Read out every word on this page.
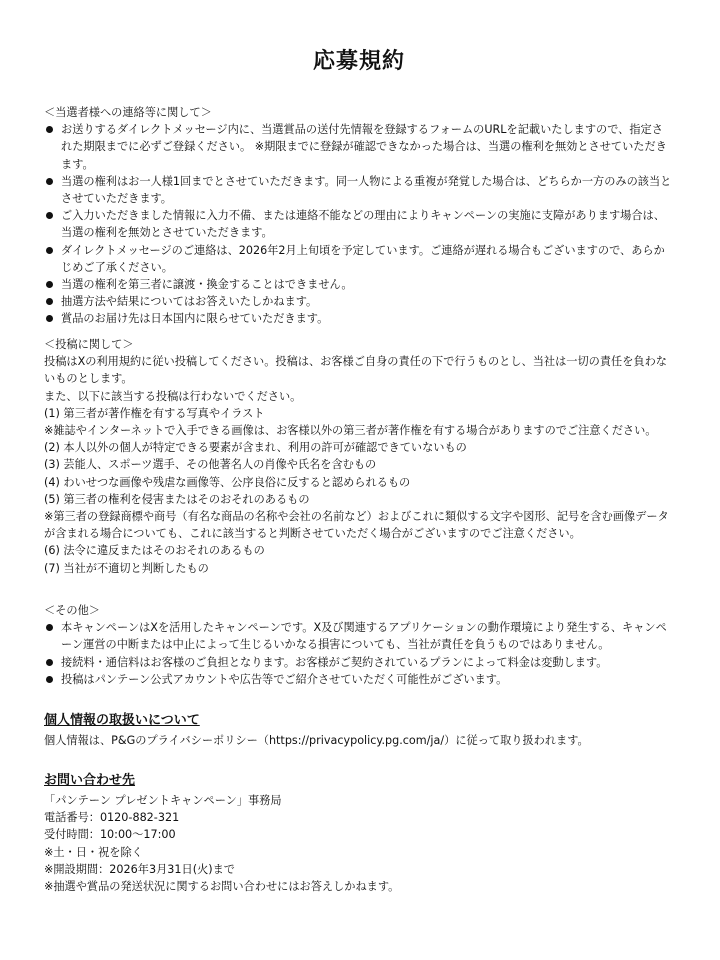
応募規約

＜当選者様への連絡等に関して＞

お送りするダイレクトメッセージ内に、当選賞品の送付先情報を登録するフォームのURLを記載いたしますので、指定された期限までに必ずご登録ください。 ※期限までに登録が確認できなかった場合は、当選の権利を無効とさせていただきます。
当選の権利はお一人様1回までとさせていただきます。同一人物による重複が発覚した場合は、どちらか一方のみの該当とさせていただきます。
ご入力いただきました情報に入力不備、または連絡不能などの理由によりキャンペーンの実施に支障があります場合は、当選の権利を無効とさせていただきます。
ダイレクトメッセージのご連絡は、2026年2月上旬頃を予定しています。ご連絡が遅れる場合もございますので、あらかじめご了承ください。
当選の権利を第三者に譲渡・換金することはできません。
抽選方法や結果についてはお答えいたしかねます。
賞品のお届け先は日本国内に限らせていただきます。

＜投稿に関して＞

投稿はXの利用規約に従い投稿してください。投稿は、お客様ご自身の責任の下で行うものとし、当社は一切の責任を負わないものとします。

また、以下に該当する投稿は行わないでください。

(1) 第三者が著作権を有する写真やイラスト

※雑誌やインターネットで入手できる画像は、お客様以外の第三者が著作権を有する場合がありますのでご注意ください。

(2) 本人以外の個人が特定できる要素が含まれ、利用の許可が確認できていないもの

(3) 芸能人、スポーツ選手、その他著名人の肖像や氏名を含むもの

(4) わいせつな画像や残虐な画像等、公序良俗に反すると認められるもの

(5) 第三者の権利を侵害またはそのおそれのあるもの

※第三者の登録商標や商号（有名な商品の名称や会社の名前など）およびこれに類似する文字や図形、記号を含む画像データが含まれる場合についても、これに該当すると判断させていただく場合がございますのでご注意ください。

(6) 法令に違反またはそのおそれのあるもの

(7) 当社が不適切と判断したもの

＜その他＞

本キャンペーンはXを活用したキャンペーンです。X及び関連するアプリケーションの動作環境により発生する、キャンペーン運営の中断または中止によって生じるいかなる損害についても、当社が責任を負うものではありません。
接続料・通信料はお客様のご負担となります。お客様がご契約されているプランによって料金は変動します。
投稿はパンテーン公式アカウントや広告等でご紹介させていただく可能性がございます。

個人情報の取扱いについて

個人情報は、P&Gのプライバシーポリシー（https://privacypolicy.pg.com/ja/）に従って取り扱われます。

お問い合わせ先

「パンテーン プレゼントキャンペーン」事務局

電話番号：0120-882-321

受付時間：10:00～17:00

※土・日・祝を除く

※開設期間：2026年3月31日(火)まで

※抽選や賞品の発送状況に関するお問い合わせにはお答えしかねます。
